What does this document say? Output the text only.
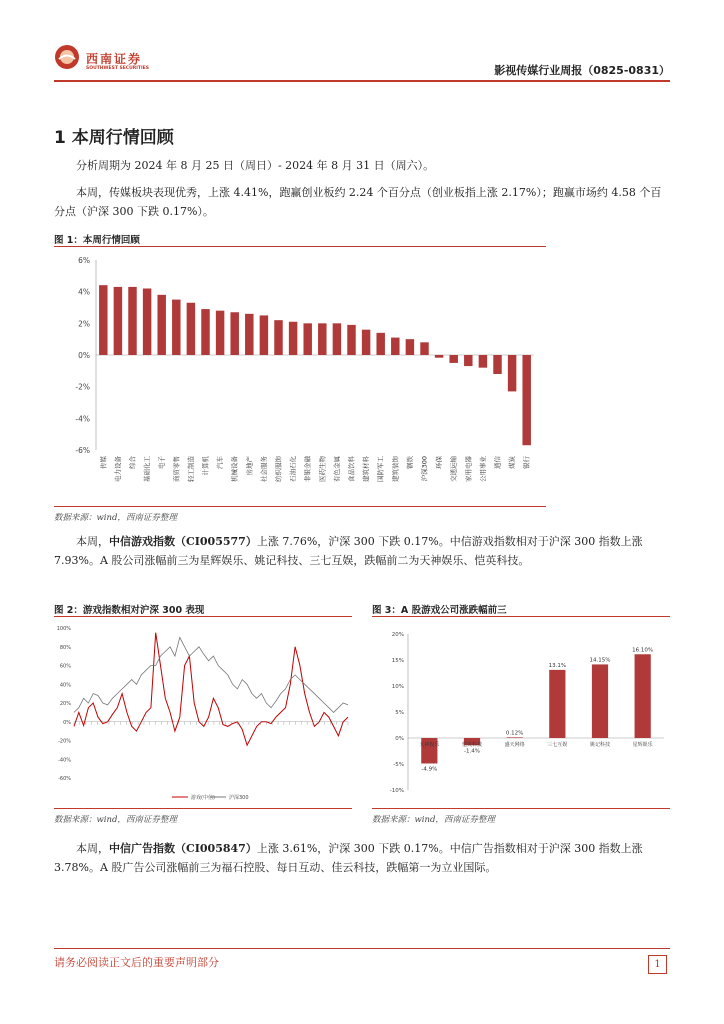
西南证券
SOUTHWEST SECURITIES	影视传媒行业周报（0825-0831）
1 本周行情回顾

分析周期为 2024 年 8 月 25 日（周日）- 2024 年 8 月 31 日（周六）。

本周，传媒板块表现优秀，上涨 4.41%，跑赢创业板约 2.24 个百分点（创业板指上涨 2.17%）；跑赢市场约 4.58 个百分点（沪深 300 下跌 0.17%）。

图 1：本周行情回顾
6%
4%
2%
0%
-2%
-4%
-6%
传媒 电力设备 综合 基础化工 电子 商贸零售 轻工制造 计算机 汽车 机械设备 房地产 社会服务 纺织服饰 石油石化 非银金融 医药生物 有色金属 食品饮料 建筑材料 国防军工 建筑装饰 钢铁 沪深300 环保 交通运输 家用电器 公用事业 通信 煤炭 银行
数据来源：wind，西南证券整理

本周，中信游戏指数（CI005577）上涨 7.76%，沪深 300 下跌 0.17%。中信游戏指数相对于沪深 300 指数上涨 7.93%。A 股公司涨幅前三为星辉娱乐、姚记科技、三七互娱，跌幅前二为天神娱乐、恺英科技。

图 2：游戏指数相对沪深 300 表现
100%
80%
60%
40%
20%
0%
-20%
-40%
-60%
游戏(中信)	沪深300
数据来源：wind，西南证券整理
图 3：A 股游戏公司涨跌幅前三
20%
15%
10%
5%
0%
-5%
-10%
-4.9%
-1.4%
0.12%
13.1%
14.15%
16.10%
天神娱乐	恺英科技	盛天网络	三七互娱	姚记科技	星辉娱乐
数据来源：wind，西南证券整理

本周，中信广告指数（CI005847）上涨 3.61%，沪深 300 下跌 0.17%。中信广告指数相对于沪深 300 指数上涨 3.78%。A 股广告公司涨幅前三为福石控股、每日互动、佳云科技，跌幅第一为立业国际。

请务必阅读正文后的重要声明部分	1
